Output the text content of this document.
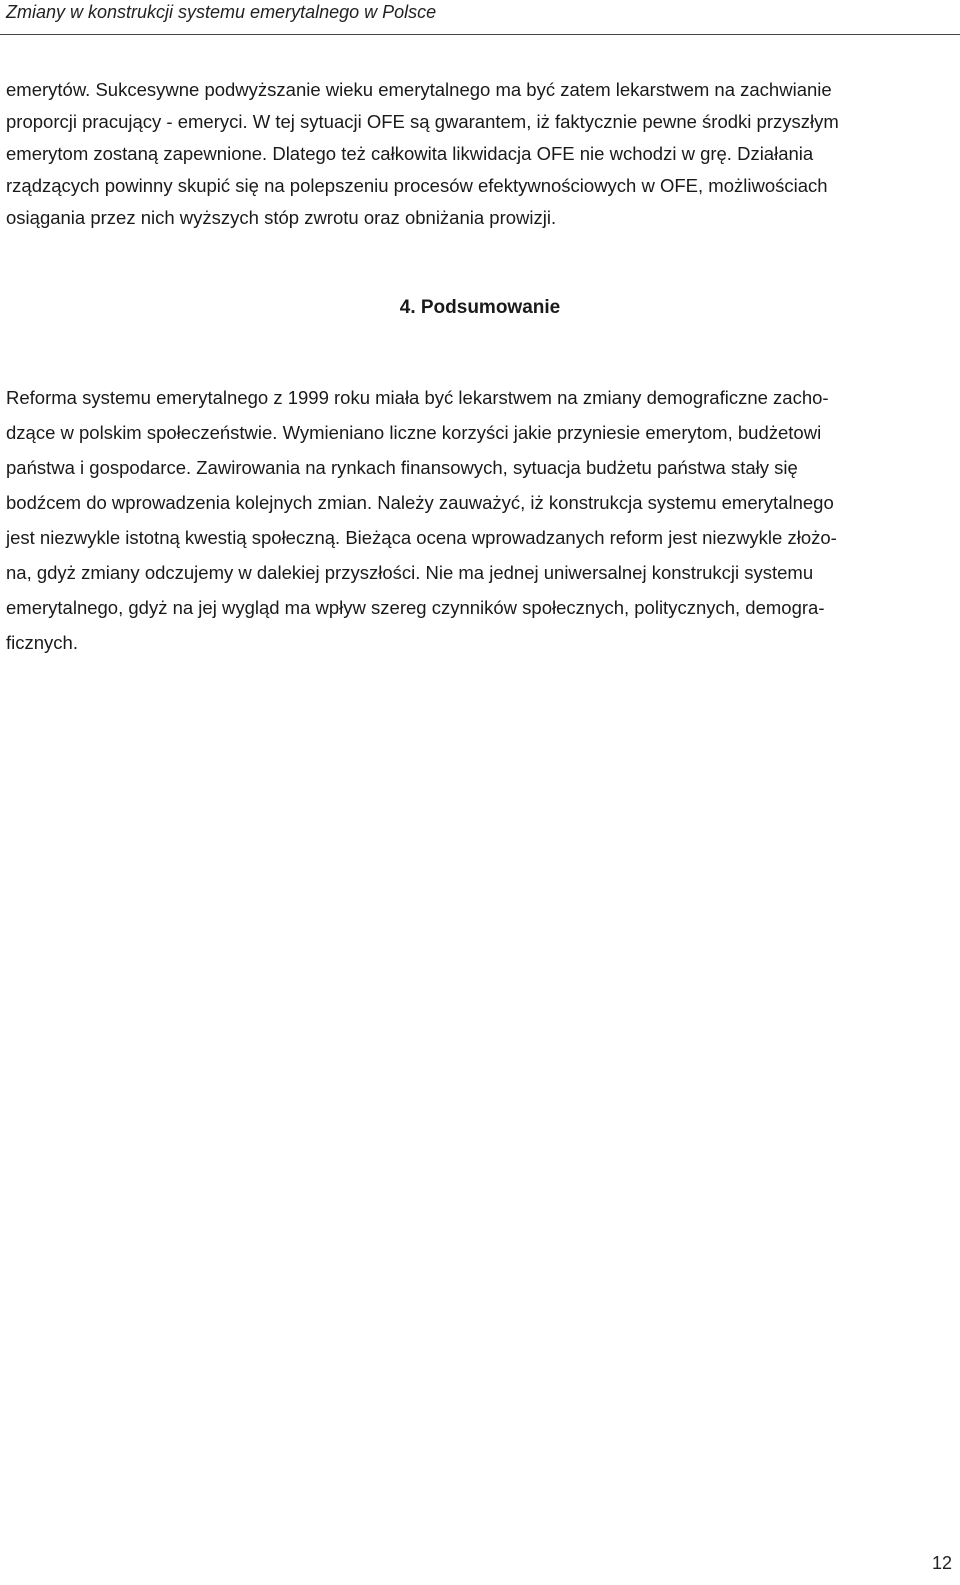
Zmiany w konstrukcji systemu emerytalnego w Polsce
emerytów. Sukcesywne podwyższanie wieku emerytalnego ma być zatem lekarstwem na zachwianie
proporcji pracujący - emeryci. W tej sytuacji OFE są gwarantem, iż faktycznie pewne środki przyszłym
emerytom zostaną zapewnione. Dlatego też całkowita likwidacja OFE nie wchodzi w grę. Działania
rządzących powinny skupić się na polepszeniu procesów efektywnościowych w OFE, możliwościach
osiągania przez nich wyższych stóp zwrotu oraz obniżania prowizji.
4. Podsumowanie
Reforma systemu emerytalnego z 1999 roku miała być lekarstwem na zmiany demograficzne zacho-
dzące w polskim społeczeństwie. Wymieniano liczne korzyści jakie przyniesie emerytom, budżetowi
państwa i gospodarce. Zawirowania na rynkach finansowych, sytuacja budżetu państwa stały się
bodźcem do wprowadzenia kolejnych zmian. Należy zauważyć, iż konstrukcja systemu emerytalnego
jest niezwykle istotną kwestią społeczną. Bieżąca ocena wprowadzanych reform jest niezwykle złożo-
na, gdyż zmiany odczujemy w dalekiej przyszłości. Nie ma jednej uniwersalnej konstrukcji systemu
emerytalnego, gdyż na jej wygląd ma wpływ szereg czynników społecznych, politycznych, demogra-
ficznych.
12
